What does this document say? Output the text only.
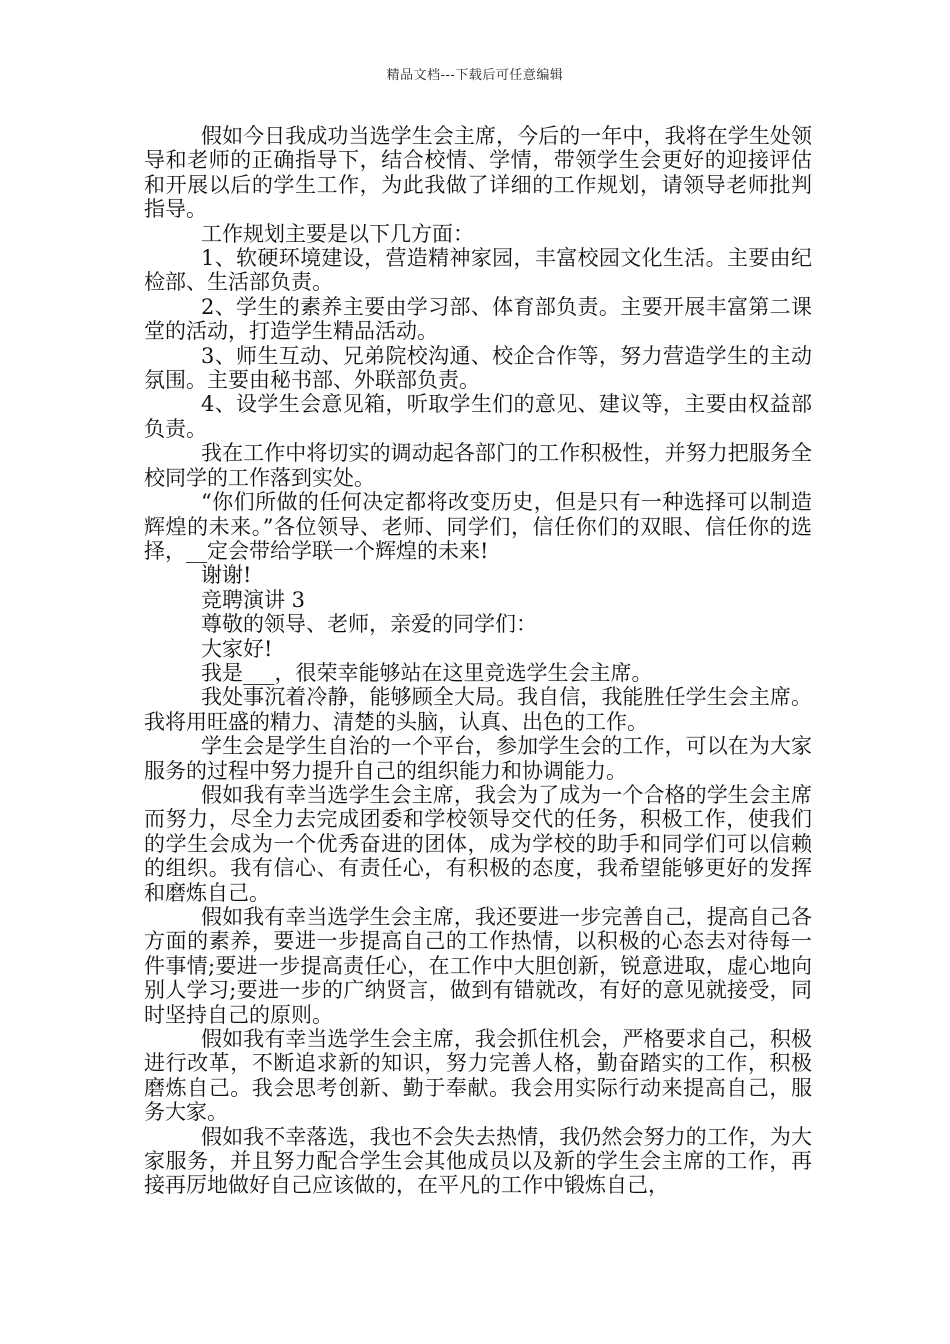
精品文档---下载后可任意编辑

假如今日我成功当选学生会主席，今后的一年中，我将在学生处领导和老师的正确指导下，结合校情、学情，带领学生会更好的迎接评估和开展以后的学生工作，为此我做了详细的工作规划，请领导老师批判指导。

工作规划主要是以下几方面：

1、软硬环境建设，营造精神家园，丰富校园文化生活。主要由纪检部、生活部负责。

2、学生的素养主要由学习部、体育部负责。主要开展丰富第二课堂的活动，打造学生精品活动。

3、师生互动、兄弟院校沟通、校企合作等，努力营造学生的主动氛围。主要由秘书部、外联部负责。

4、设学生会意见箱，听取学生们的意见、建议等，主要由权益部负责。

我在工作中将切实的调动起各部门的工作积极性，并努力把服务全校同学的工作落到实处。

“你们所做的任何决定都将改变历史，但是只有一种选择可以制造辉煌的未来。”各位领导、老师、同学们，信任你们的双眼、信任你的选择，__定会带给学联一个辉煌的未来!

谢谢!

竞聘演讲 3

尊敬的领导、老师，亲爱的同学们：

大家好!

我是___，很荣幸能够站在这里竞选学生会主席。

我处事沉着冷静，能够顾全大局。我自信，我能胜任学生会主席。我将用旺盛的精力、清楚的头脑，认真、出色的工作。

学生会是学生自治的一个平台，参加学生会的工作，可以在为大家服务的过程中努力提升自己的组织能力和协调能力。

假如我有幸当选学生会主席，我会为了成为一个合格的学生会主席而努力，尽全力去完成团委和学校领导交代的任务，积极工作，使我们的学生会成为一个优秀奋进的团体，成为学校的助手和同学们可以信赖的组织。我有信心、有责任心，有积极的态度，我希望能够更好的发挥和磨炼自己。

假如我有幸当选学生会主席，我还要进一步完善自己，提高自己各方面的素养，要进一步提高自己的工作热情，以积极的心态去对待每一件事情;要进一步提高责任心，在工作中大胆创新，锐意进取，虚心地向别人学习;要进一步的广纳贤言，做到有错就改，有好的意见就接受，同时坚持自己的原则。

假如我有幸当选学生会主席，我会抓住机会，严格要求自己，积极进行改革，不断追求新的知识，努力完善人格，勤奋踏实的工作，积极磨炼自己。我会思考创新、勤于奉献。我会用实际行动来提高自己，服务大家。

假如我不幸落选，我也不会失去热情，我仍然会努力的工作，为大家服务，并且努力配合学生会其他成员以及新的学生会主席的工作，再接再厉地做好自己应该做的，在平凡的工作中锻炼自己，
